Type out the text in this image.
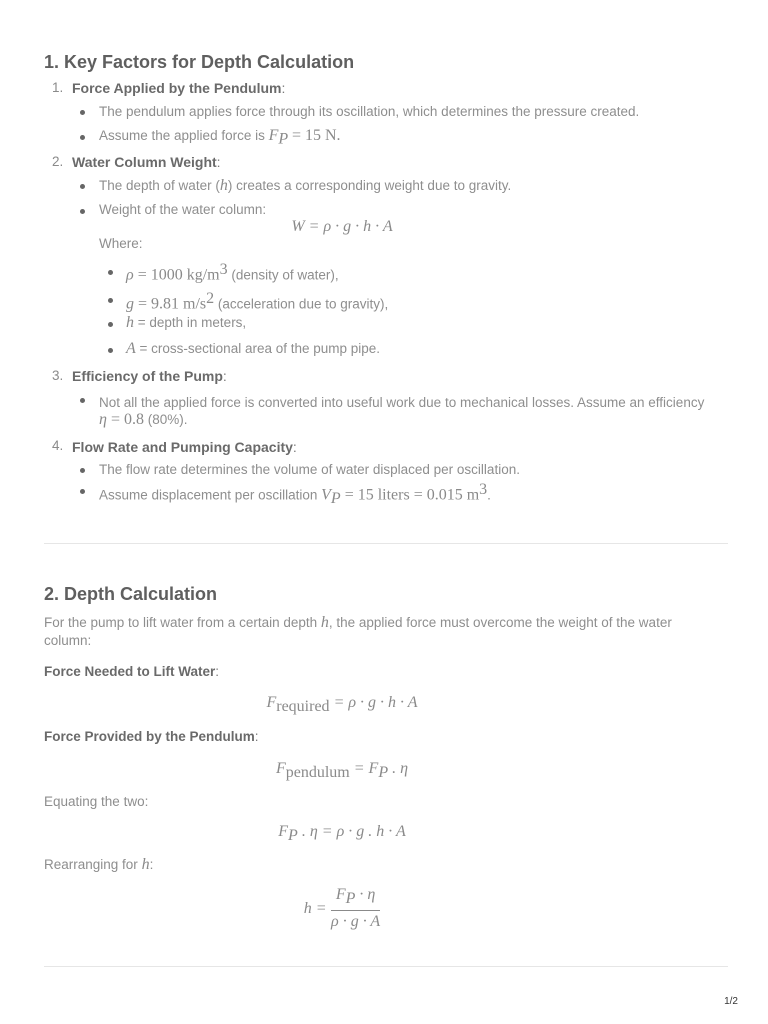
1. Key Factors for Depth Calculation
1. Force Applied by the Pendulum:
The pendulum applies force through its oscillation, which determines the pressure created.
Assume the applied force is $F_P = 15$ N.
2. Water Column Weight:
The depth of water (h) creates a corresponding weight due to gravity.
Weight of the water column:
W = ρ · g · h · A
Where:
ρ = 1000 $kg/m^3$ (density of water),
g = 9.81 $m/s^2$ (acceleration due to gravity),
h = depth in meters,
A = cross-sectional area of the pump pipe.
3. Efficiency of the Pump:
Not all the applied force is converted into useful work due to mechanical losses. Assume an efficiency
η = 0.8 (80%).
4. Flow Rate and Pumping Capacity:
The flow rate determines the volume of water displaced per oscillation.
Assume displacement per oscillation $V_P = 15$ liters = 0.015 $m^3$.
2. Depth Calculation
For the pump to lift water from a certain depth h, the applied force must overcome the weight of the water column:
Force Needed to Lift Water:
$F_{required} = \rho \cdot g \cdot h \cdot A$
Force Provided by the Pendulum:
$F_{pendulum} = F_P$ . η
Equating the two:
$F_P$ . η = ρ · g . h · A
Rearranging for h:
$h = \frac{F_P \cdot \eta}{\rho \cdot g \cdot A}$
1/2
